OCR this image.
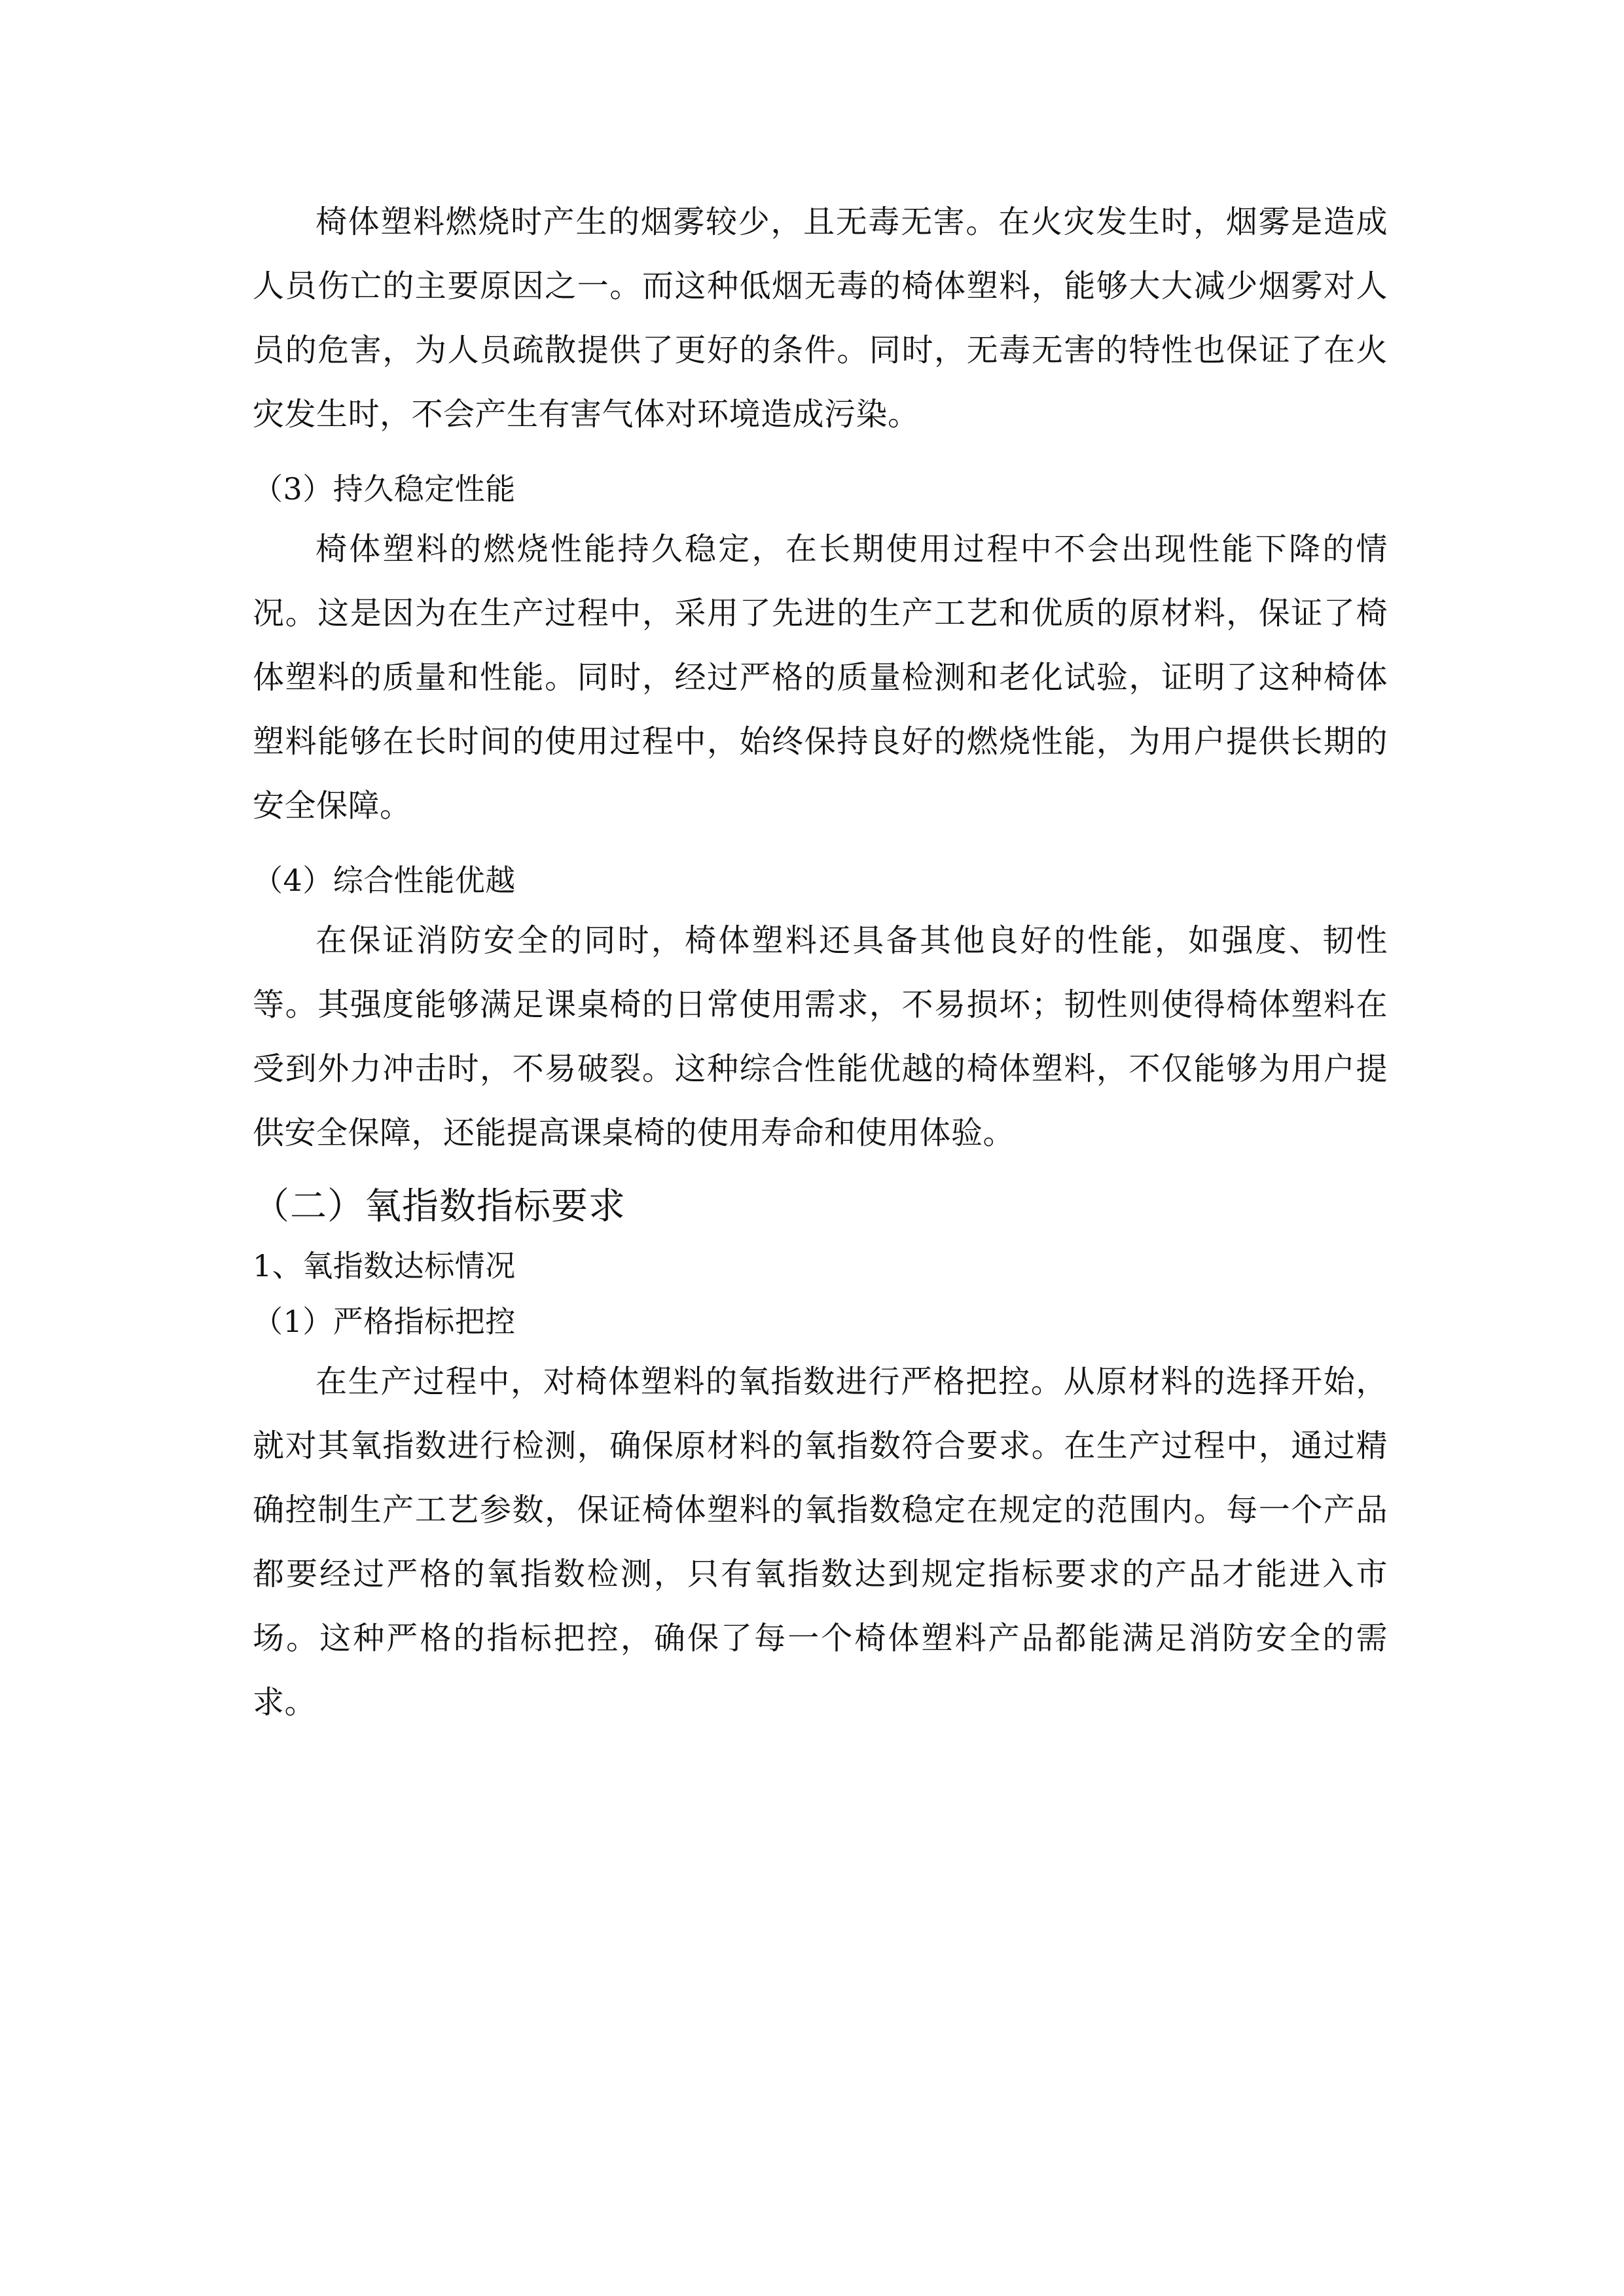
椅体塑料燃烧时产生的烟雾较少，且无毒无害。在火灾发生时，烟雾是造成人员伤亡的主要原因之一。而这种低烟无毒的椅体塑料，能够大大减少烟雾对人员的危害，为人员疏散提供了更好的条件。同时，无毒无害的特性也保证了在火灾发生时，不会产生有害气体对环境造成污染。

（3）持久稳定性能

椅体塑料的燃烧性能持久稳定，在长期使用过程中不会出现性能下降的情况。这是因为在生产过程中，采用了先进的生产工艺和优质的原材料，保证了椅体塑料的质量和性能。同时，经过严格的质量检测和老化试验，证明了这种椅体塑料能够在长时间的使用过程中，始终保持良好的燃烧性能，为用户提供长期的安全保障。

（4）综合性能优越

在保证消防安全的同时，椅体塑料还具备其他良好的性能，如强度、韧性等。其强度能够满足课桌椅的日常使用需求，不易损坏；韧性则使得椅体塑料在受到外力冲击时，不易破裂。这种综合性能优越的椅体塑料，不仅能够为用户提供安全保障，还能提高课桌椅的使用寿命和使用体验。

（二）氧指数指标要求

1、氧指数达标情况

（1）严格指标把控

在生产过程中，对椅体塑料的氧指数进行严格把控。从原材料的选择开始，就对其氧指数进行检测，确保原材料的氧指数符合要求。在生产过程中，通过精确控制生产工艺参数，保证椅体塑料的氧指数稳定在规定的范围内。每一个产品都要经过严格的氧指数检测，只有氧指数达到规定指标要求的产品才能进入市场。这种严格的指标把控，确保了每一个椅体塑料产品都能满足消防安全的需求。
